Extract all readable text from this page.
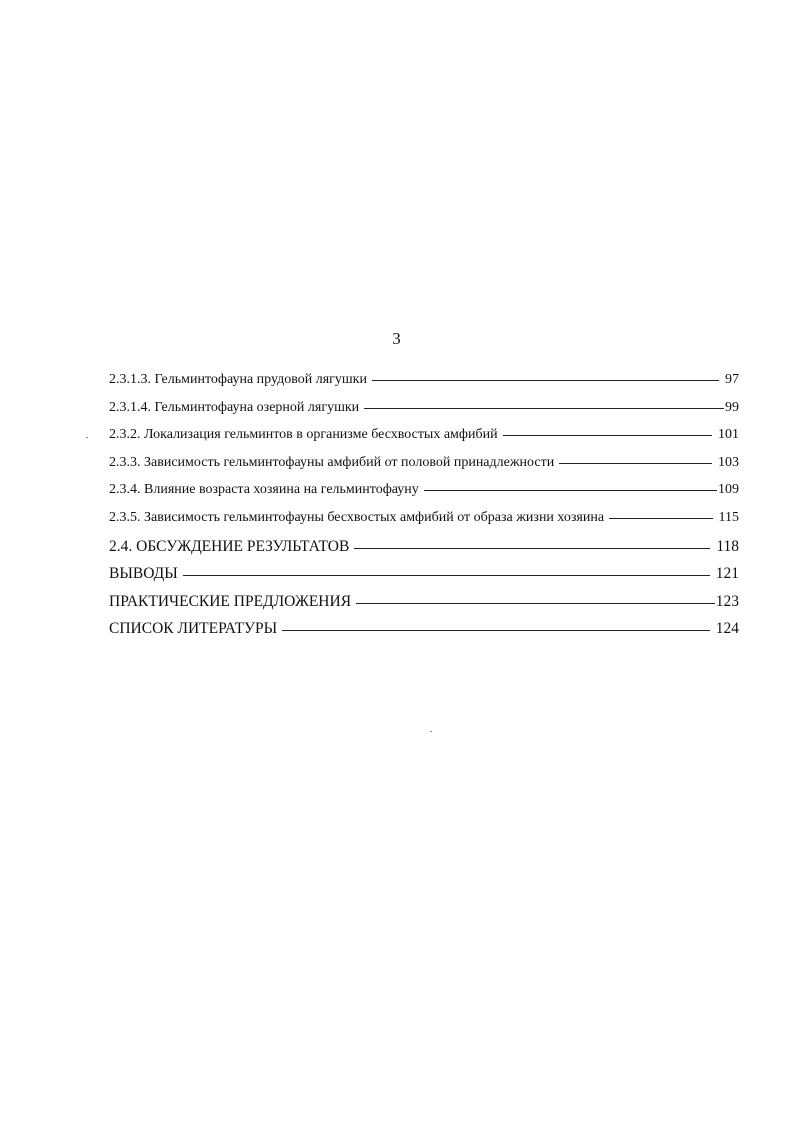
3
2.3.1.3. Гельминтофауна прудовой лягушки	97
2.3.1.4. Гельминтофауна озерной лягушки	99
2.3.2. Локализация гельминтов в организме бесхвостых амфибий	101
2.3.3. Зависимость гельминтофауны амфибий от половой принадлежности	103
2.3.4. Влияние возраста хозяина на гельминтофауну	109
2.3.5. Зависимость гельминтофауны бесхвостых амфибий от образа жизни хозяина	115
2.4. ОБСУЖДЕНИЕ РЕЗУЛЬТАТОВ	118
ВЫВОДЫ	121
ПРАКТИЧЕСКИЕ ПРЕДЛОЖЕНИЯ	123
СПИСОК ЛИТЕРАТУРЫ	124
